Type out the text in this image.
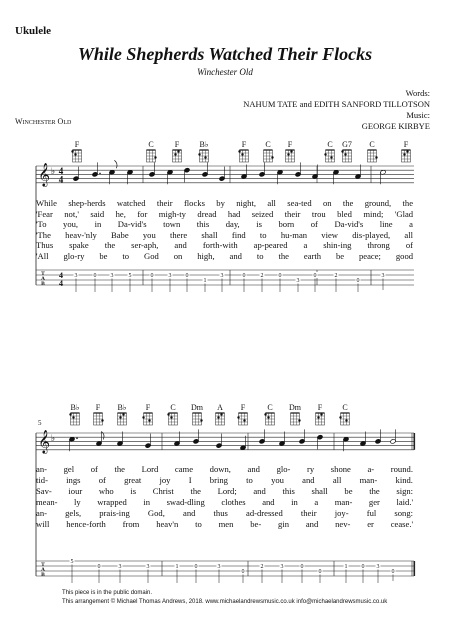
Ukulele
While Shepherds Watched Their Flocks
Winchester Old
Words:
NAHUM TATE and EDITH SANFORD TILLOTSON
Music:
GEORGE KIRBYE
Winchester Old
𝄞 ♭ 4
4
4
4
T
A
B
3	0 3	5	0	3 0
1
3	0	2	0
3
0	2
0
3
F	C	F	B♭	F C F	C G7 C	F
𝄞 ♭
T
A
B
5
0	3	3	1	0	3
0
2	3	0
0
1 0 3
0
B♭ F B♭ F	C Dm A F	C Dm F	C
5
While shep-herds watched their flocks by night, all sea-ted on the ground, the
'Fear not,' said he, for migh-ty dread had seized their trou bled mind; 'Glad
'To you, in Da-vid's town this day, is born of Da-vid's line a
'The heav-'nly Babe you there shall find to hu-man view dis-played, all
Thus spake the ser-aph, and forth-with ap-peared a shin-ing throng of
'All glo-ry be to God on high, and to the earth be peace; good
an- gel of the Lord came down, and glo- ry shone a- round.
tid- ings of great joy I bring to you and all man- kind.
Sav- iour who is Christ the Lord; and this shall be the sign:
mean- ly wrapped in swad-dling clothes and in a man- ger laid.'
an- gels, prais-ing God, and thus ad-dressed their joy- ful song:
will hence-forth from heav'n to men be- gin and nev- er cease.'
This piece is in the public domain.
This arrangement © Michael Thomas Andrews, 2018. www.michaelandrewsmusic.co.uk info@michaelandrewsmusic.co.uk
